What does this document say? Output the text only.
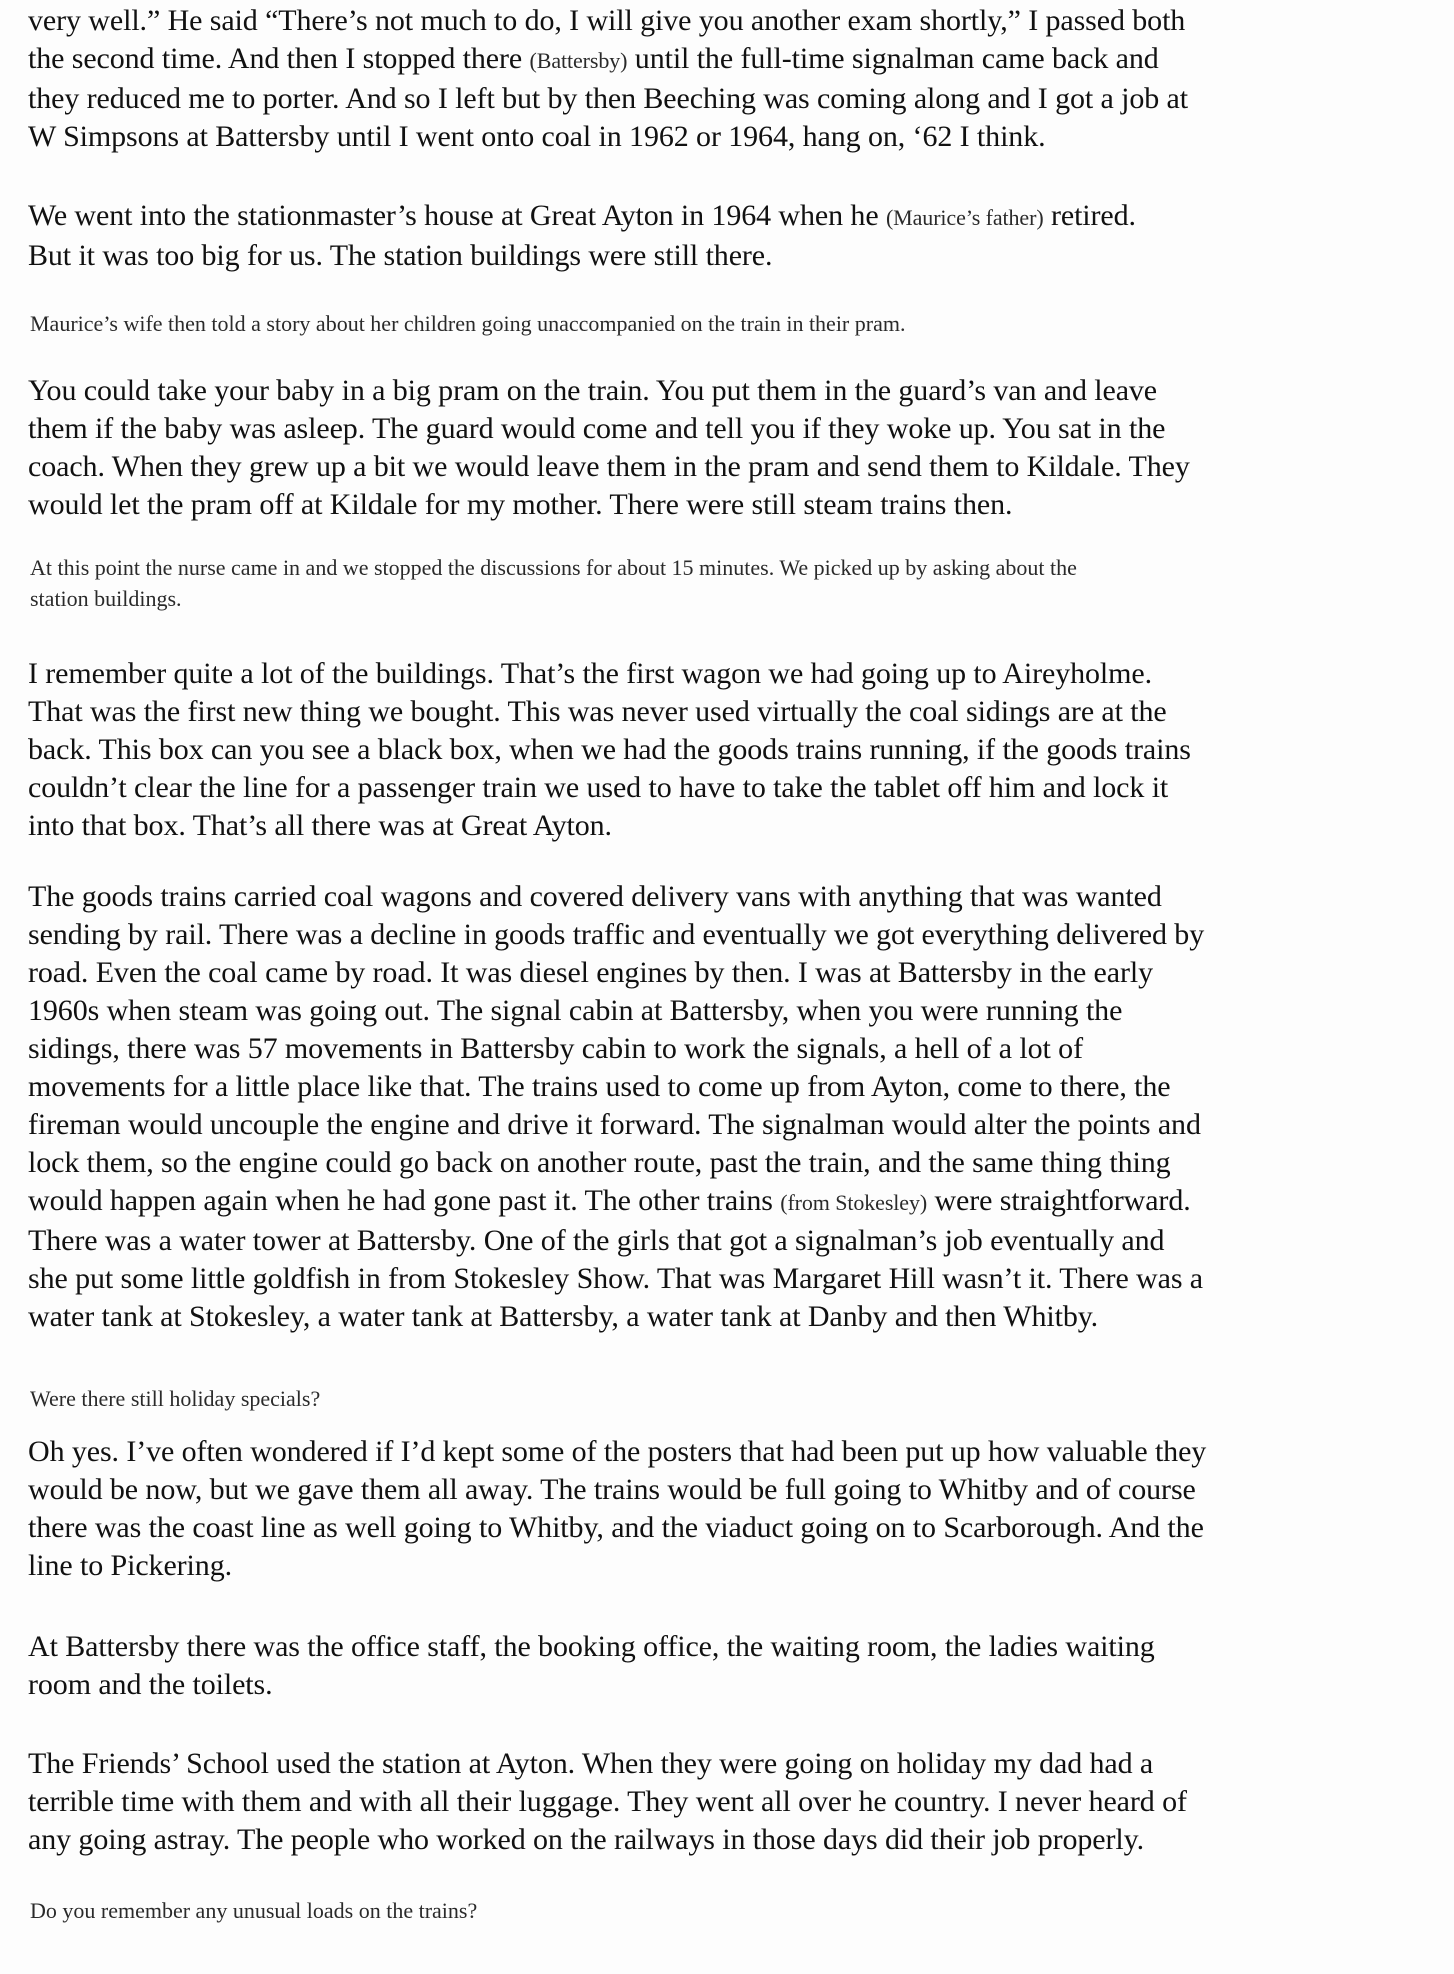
very well.” He said “There’s not much to do, I will give you another exam shortly,” I passed both
the second time. And then I stopped there (Battersby) until the full-time signalman came back and
they reduced me to porter. And so I left but by then Beeching was coming along and I got a job at
W Simpsons at Battersby until I went onto coal in 1962 or 1964, hang on, ‘62 I think.

We went into the stationmaster’s house at Great Ayton in 1964 when he (Maurice’s father) retired.
But it was too big for us. The station buildings were still there.

Maurice’s wife then told a story about her children going unaccompanied on the train in their pram.

You could take your baby in a big pram on the train. You put them in the guard’s van and leave
them if the baby was asleep. The guard would come and tell you if they woke up. You sat in the
coach. When they grew up a bit we would leave them in the pram and send them to Kildale. They
would let the pram off at Kildale for my mother. There were still steam trains then.

At this point the nurse came in and we stopped the discussions for about 15 minutes. We picked up by asking about the
station buildings.

I remember quite a lot of the buildings. That’s the first wagon we had going up to Aireyholme.
That was the first new thing we bought. This was never used virtually the coal sidings are at the
back. This box can you see a black box, when we had the goods trains running, if the goods trains
couldn’t clear the line for a passenger train we used to have to take the tablet off him and lock it
into that box. That’s all there was at Great Ayton.

The goods trains carried coal wagons and covered delivery vans with anything that was wanted
sending by rail. There was a decline in goods traffic and eventually we got everything delivered by
road. Even the coal came by road. It was diesel engines by then. I was at Battersby in the early
1960s when steam was going out. The signal cabin at Battersby, when you were running the
sidings, there was 57 movements in Battersby cabin to work the signals, a hell of a lot of
movements for a little place like that. The trains used to come up from Ayton, come to there, the
fireman would uncouple the engine and drive it forward. The signalman would alter the points and
lock them, so the engine could go back on another route, past the train, and the same thing thing
would happen again when he had gone past it. The other trains (from Stokesley) were straightforward.
There was a water tower at Battersby. One of the girls that got a signalman’s job eventually and
she put some little goldfish in from Stokesley Show. That was Margaret Hill wasn’t it. There was a
water tank at Stokesley, a water tank at Battersby, a water tank at Danby and then Whitby.

Were there still holiday specials?

Oh yes. I’ve often wondered if I’d kept some of the posters that had been put up how valuable they
would be now, but we gave them all away. The trains would be full going to Whitby and of course
there was the coast line as well going to Whitby, and the viaduct going on to Scarborough. And the
line to Pickering.

At Battersby there was the office staff, the booking office, the waiting room, the ladies waiting
room and the toilets.

The Friends’ School used the station at Ayton. When they were going on holiday my dad had a
terrible time with them and with all their luggage. They went all over he country. I never heard of
any going astray. The people who worked on the railways in those days did their job properly.

Do you remember any unusual loads on the trains?
